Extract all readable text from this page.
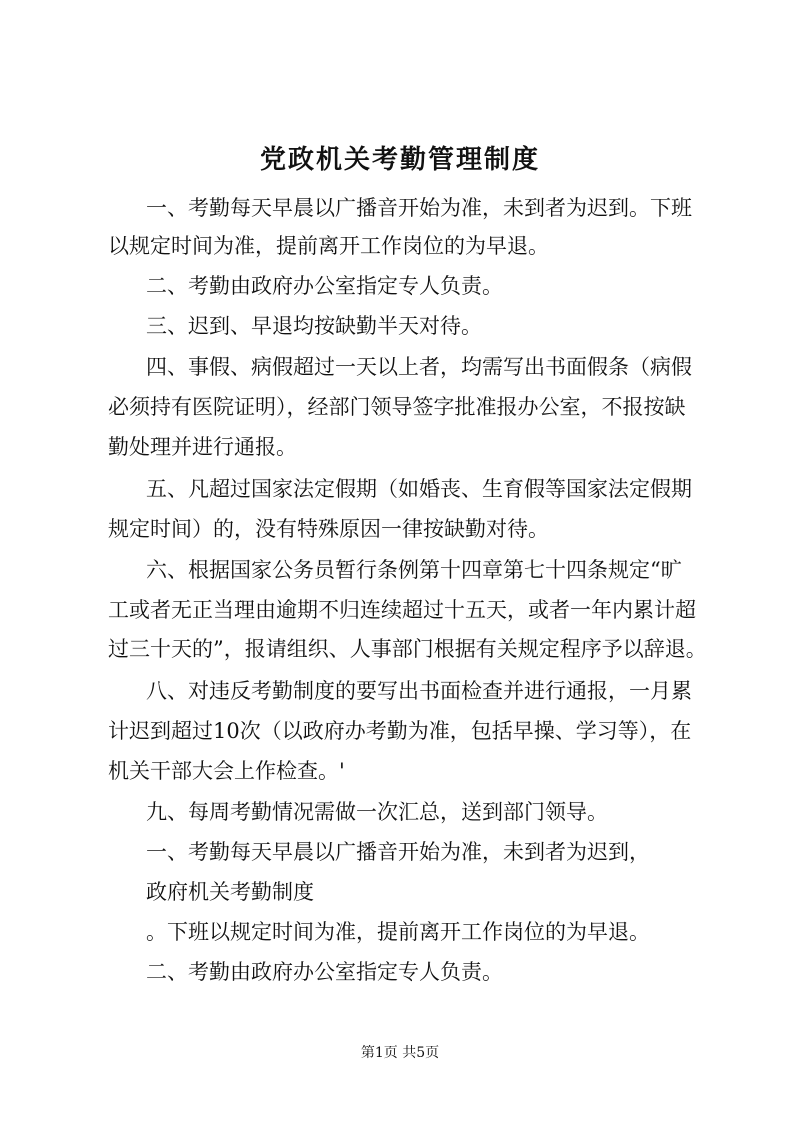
党政机关考勤管理制度

一、考勤每天早晨以广播音开始为准，未到者为迟到。下班

以规定时间为准，提前离开工作岗位的为早退。

二、考勤由政府办公室指定专人负责。

三、迟到、早退均按缺勤半天对待。

四、事假、病假超过一天以上者，均需写出书面假条（病假

必须持有医院证明），经部门领导签字批准报办公室，不报按缺

勤处理并进行通报。

五、凡超过国家法定假期（如婚丧、生育假等国家法定假期

规定时间）的，没有特殊原因一律按缺勤对待。

六、根据国家公务员暂行条例第十四章第七十四条规定“旷

工或者无正当理由逾期不归连续超过十五天，或者一年内累计超

过三十天的”，报请组织、人事部门根据有关规定程序予以辞退。

八、对违反考勤制度的要写出书面检查并进行通报，一月累

计迟到超过10次（以政府办考勤为准，包括早操、学习等），在

机关干部大会上作检查。'

九、每周考勤情况需做一次汇总，送到部门领导。

一、考勤每天早晨以广播音开始为准，未到者为迟到，

政府机关考勤制度

。下班以规定时间为准，提前离开工作岗位的为早退。

二、考勤由政府办公室指定专人负责。

第1页 共5页
